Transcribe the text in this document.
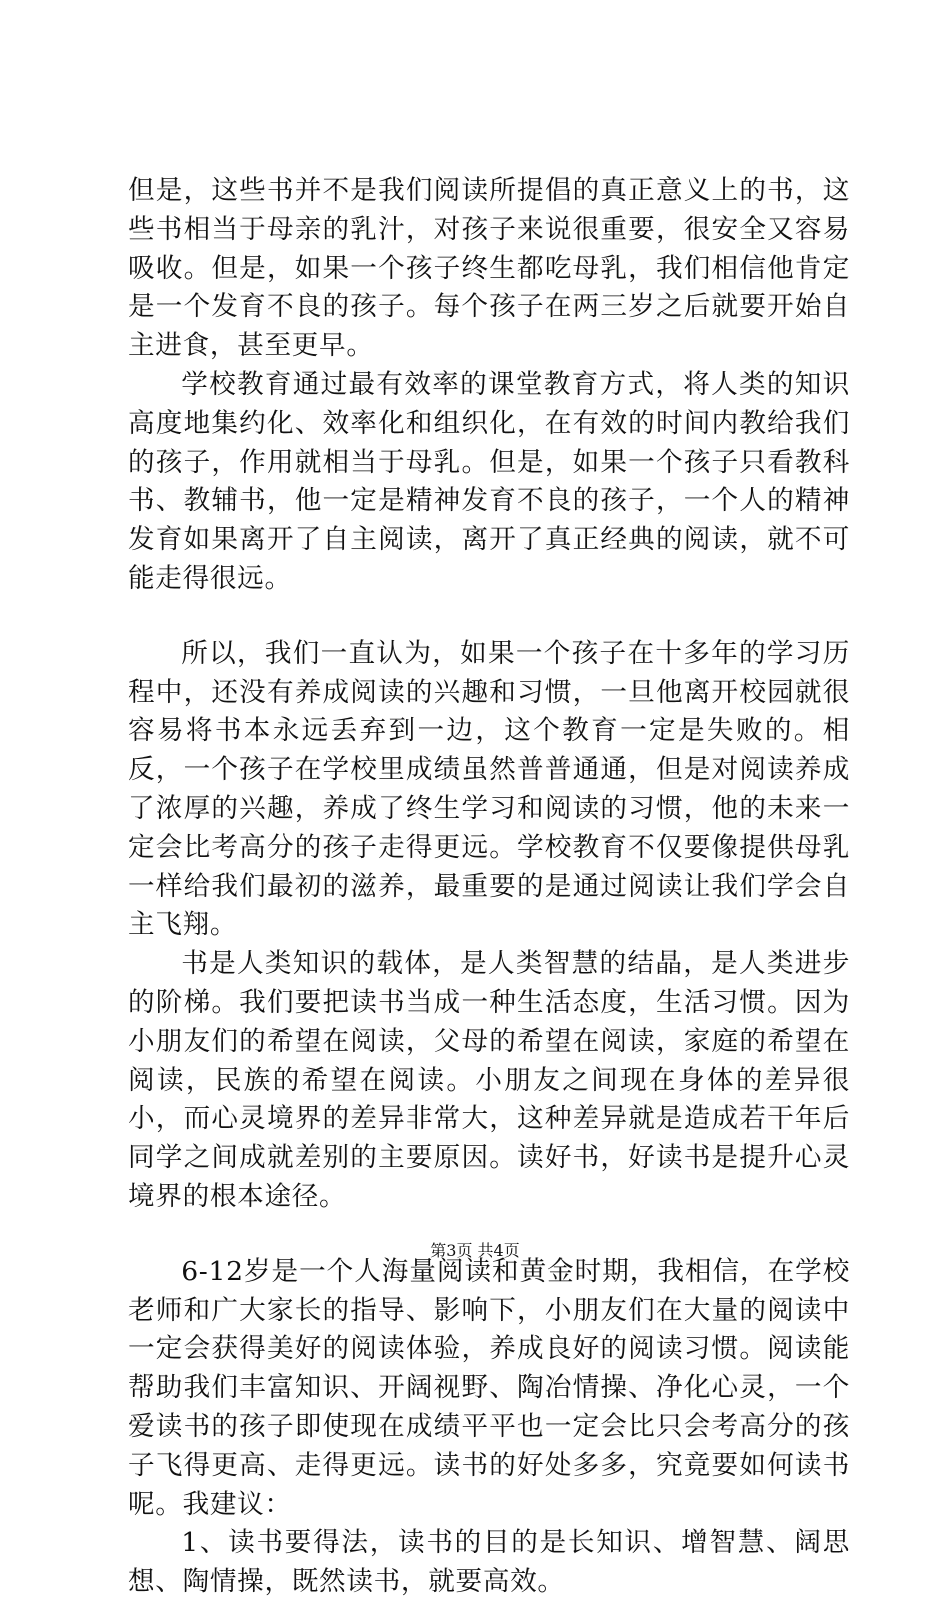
但是，这些书并不是我们阅读所提倡的真正意义上的书，这些书相当于母亲的乳汁，对孩子来说很重要，很安全又容易吸收。但是，如果一个孩子终生都吃母乳，我们相信他肯定是一个发育不良的孩子。每个孩子在两三岁之后就要开始自主进食，甚至更早。

学校教育通过最有效率的课堂教育方式，将人类的知识高度地集约化、效率化和组织化，在有效的时间内教给我们的孩子，作用就相当于母乳。但是，如果一个孩子只看教科书、教辅书，他一定是精神发育不良的孩子，一个人的精神发育如果离开了自主阅读，离开了真正经典的阅读，就不可能走得很远。

所以，我们一直认为，如果一个孩子在十多年的学习历程中，还没有养成阅读的兴趣和习惯，一旦他离开校园就很容易将书本永远丢弃到一边，这个教育一定是失败的。相反，一个孩子在学校里成绩虽然普普通通，但是对阅读养成了浓厚的兴趣，养成了终生学习和阅读的习惯，他的未来一定会比考高分的孩子走得更远。学校教育不仅要像提供母乳一样给我们最初的滋养，最重要的是通过阅读让我们学会自主飞翔。

书是人类知识的载体，是人类智慧的结晶，是人类进步的阶梯。我们要把读书当成一种生活态度，生活习惯。因为小朋友们的希望在阅读，父母的希望在阅读，家庭的希望在阅读，民族的希望在阅读。小朋友之间现在身体的差异很小，而心灵境界的差异非常大，这种差异就是造成若干年后同学之间成就差别的主要原因。读好书，好读书是提升心灵境界的根本途径。

6-12岁是一个人海量阅读和黄金时期，我相信，在学校老师和广大家长的指导、影响下，小朋友们在大量的阅读中一定会获得美好的阅读体验，养成良好的阅读习惯。阅读能帮助我们丰富知识、开阔视野、陶冶情操、净化心灵，一个爱读书的孩子即使现在成绩平平也一定会比只会考高分的孩子飞得更高、走得更远。读书的好处多多，究竟要如何读书呢。我建议：

1、读书要得法，读书的目的是长知识、增智慧、阔思想、陶情操，既然读书，就要高效。

第3页 共4页
